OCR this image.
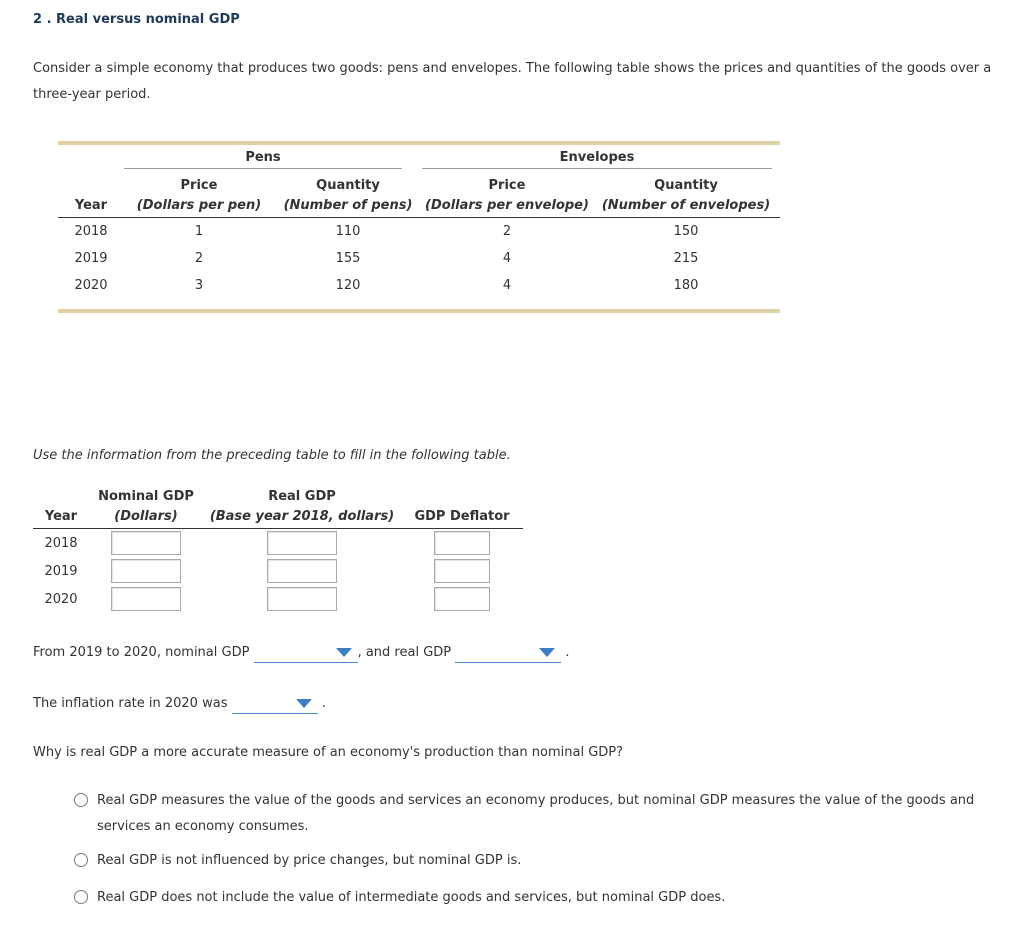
2 . Real versus nominal GDP
Consider a simple economy that produces two goods: pens and envelopes. The following table shows the prices and quantities of the goods over a three-year period.

	Pens		Envelopes	

	Price	Quantity	Price	Quantity
Year	(Dollars per pen)	(Number of pens)	(Dollars per envelope)	(Number of envelopes)
2018	1	110	2	150
2019	2	155	4	215
2020	3	120	4	180
Use the information from the preceding table to fill in the following table.
	Nominal GDP	Real GDP	
Year	(Dollars)	(Base year 2018, dollars)	GDP Deflator
2018			
2019			
2020			
From 2019 to 2020, nominal GDP	, and real GDP	.
The inflation rate in 2020 was	.
Why is real GDP a more accurate measure of an economy's production than nominal GDP?
Real GDP measures the value of the goods and services an economy produces, but nominal GDP measures the value of the goods and services an economy consumes.
Real GDP is not influenced by price changes, but nominal GDP is.
Real GDP does not include the value of intermediate goods and services, but nominal GDP does.
